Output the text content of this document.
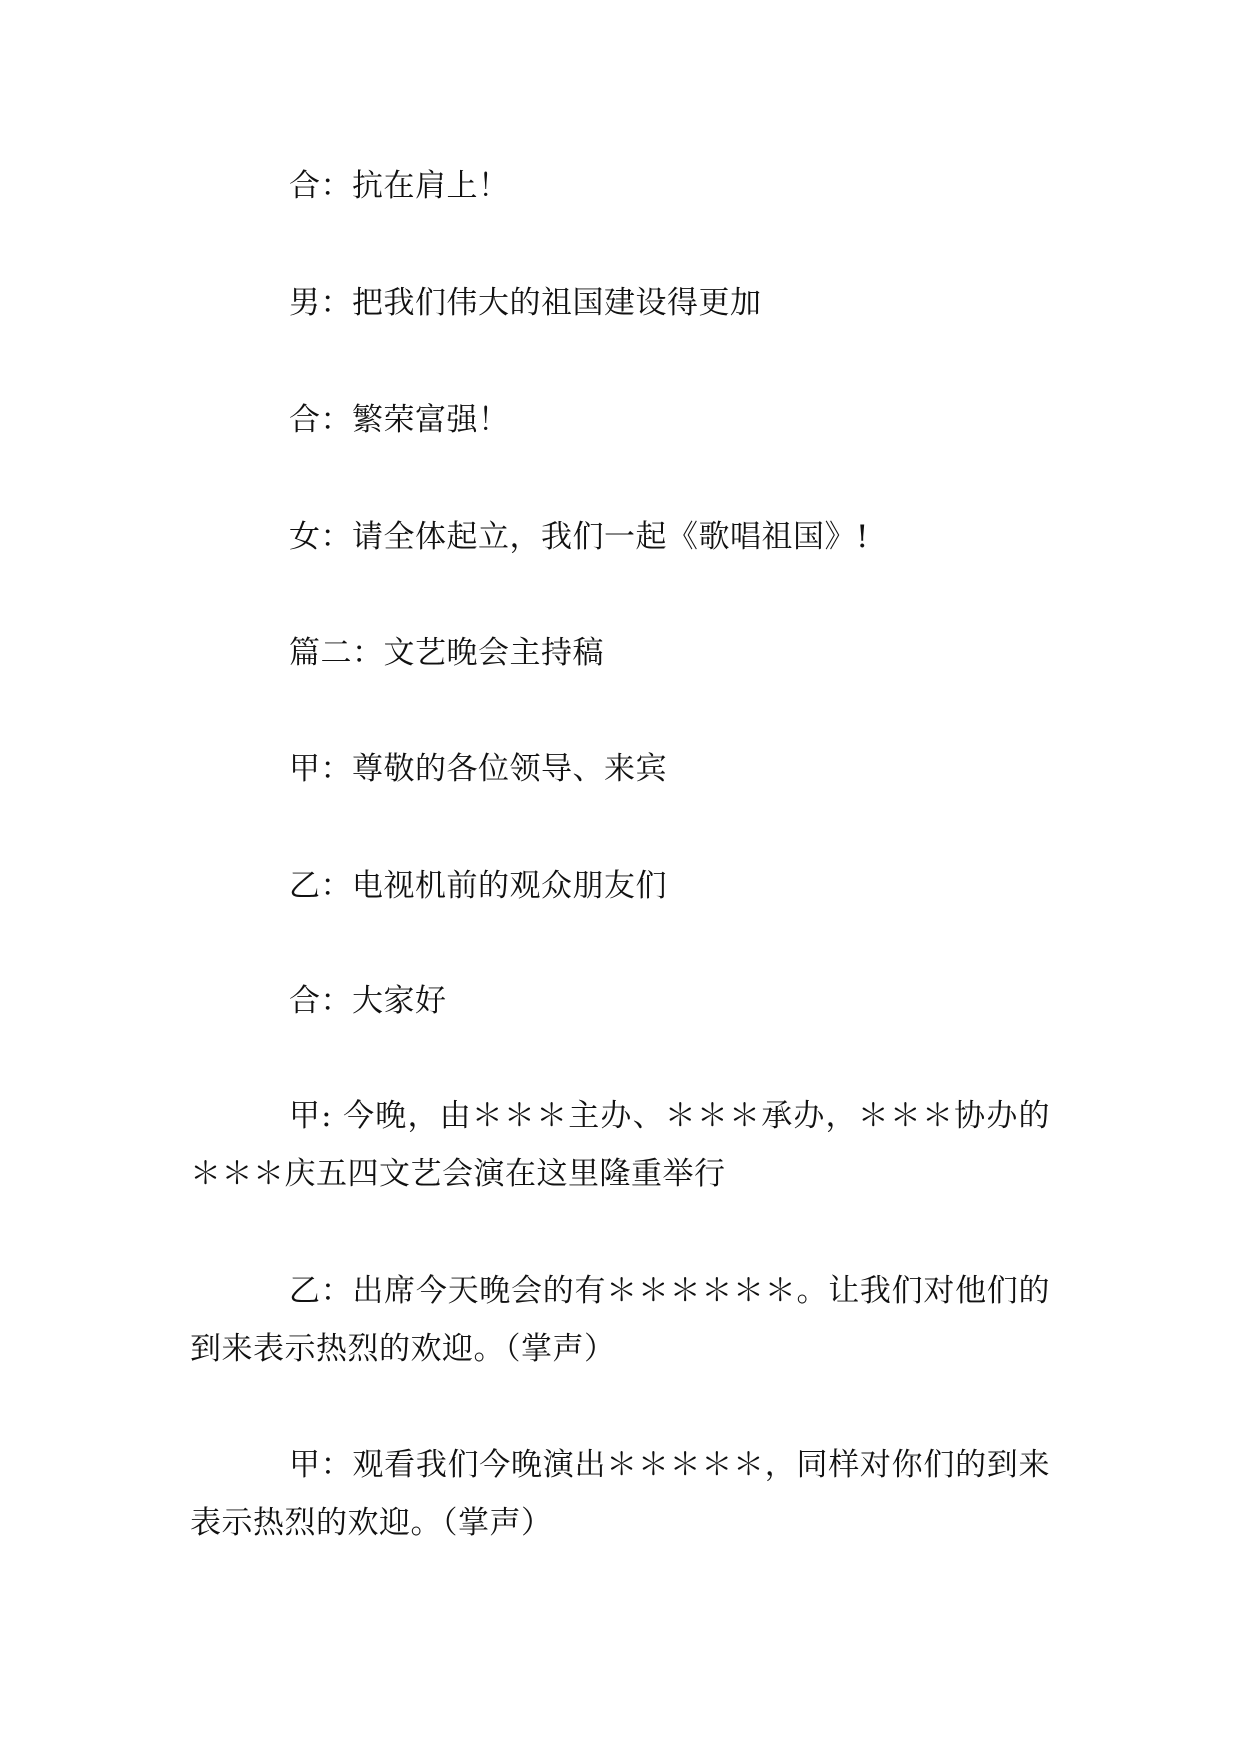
合：抗在肩上！

男：把我们伟大的祖国建设得更加

合：繁荣富强！

女：请全体起立，我们一起《歌唱祖国》!

篇二：文艺晚会主持稿

甲：尊敬的各位领导、来宾

乙：电视机前的观众朋友们

合：大家好

甲: 今晚，由＊＊＊主办、＊＊＊承办，＊＊＊协办的＊＊＊庆五四文艺会演在这里隆重举行

乙：出席今天晚会的有＊＊＊＊＊＊。让我们对他们的到来表示热烈的欢迎。（掌声）

甲：观看我们今晚演出＊＊＊＊＊，同样对你们的到来表示热烈的欢迎。（掌声）
